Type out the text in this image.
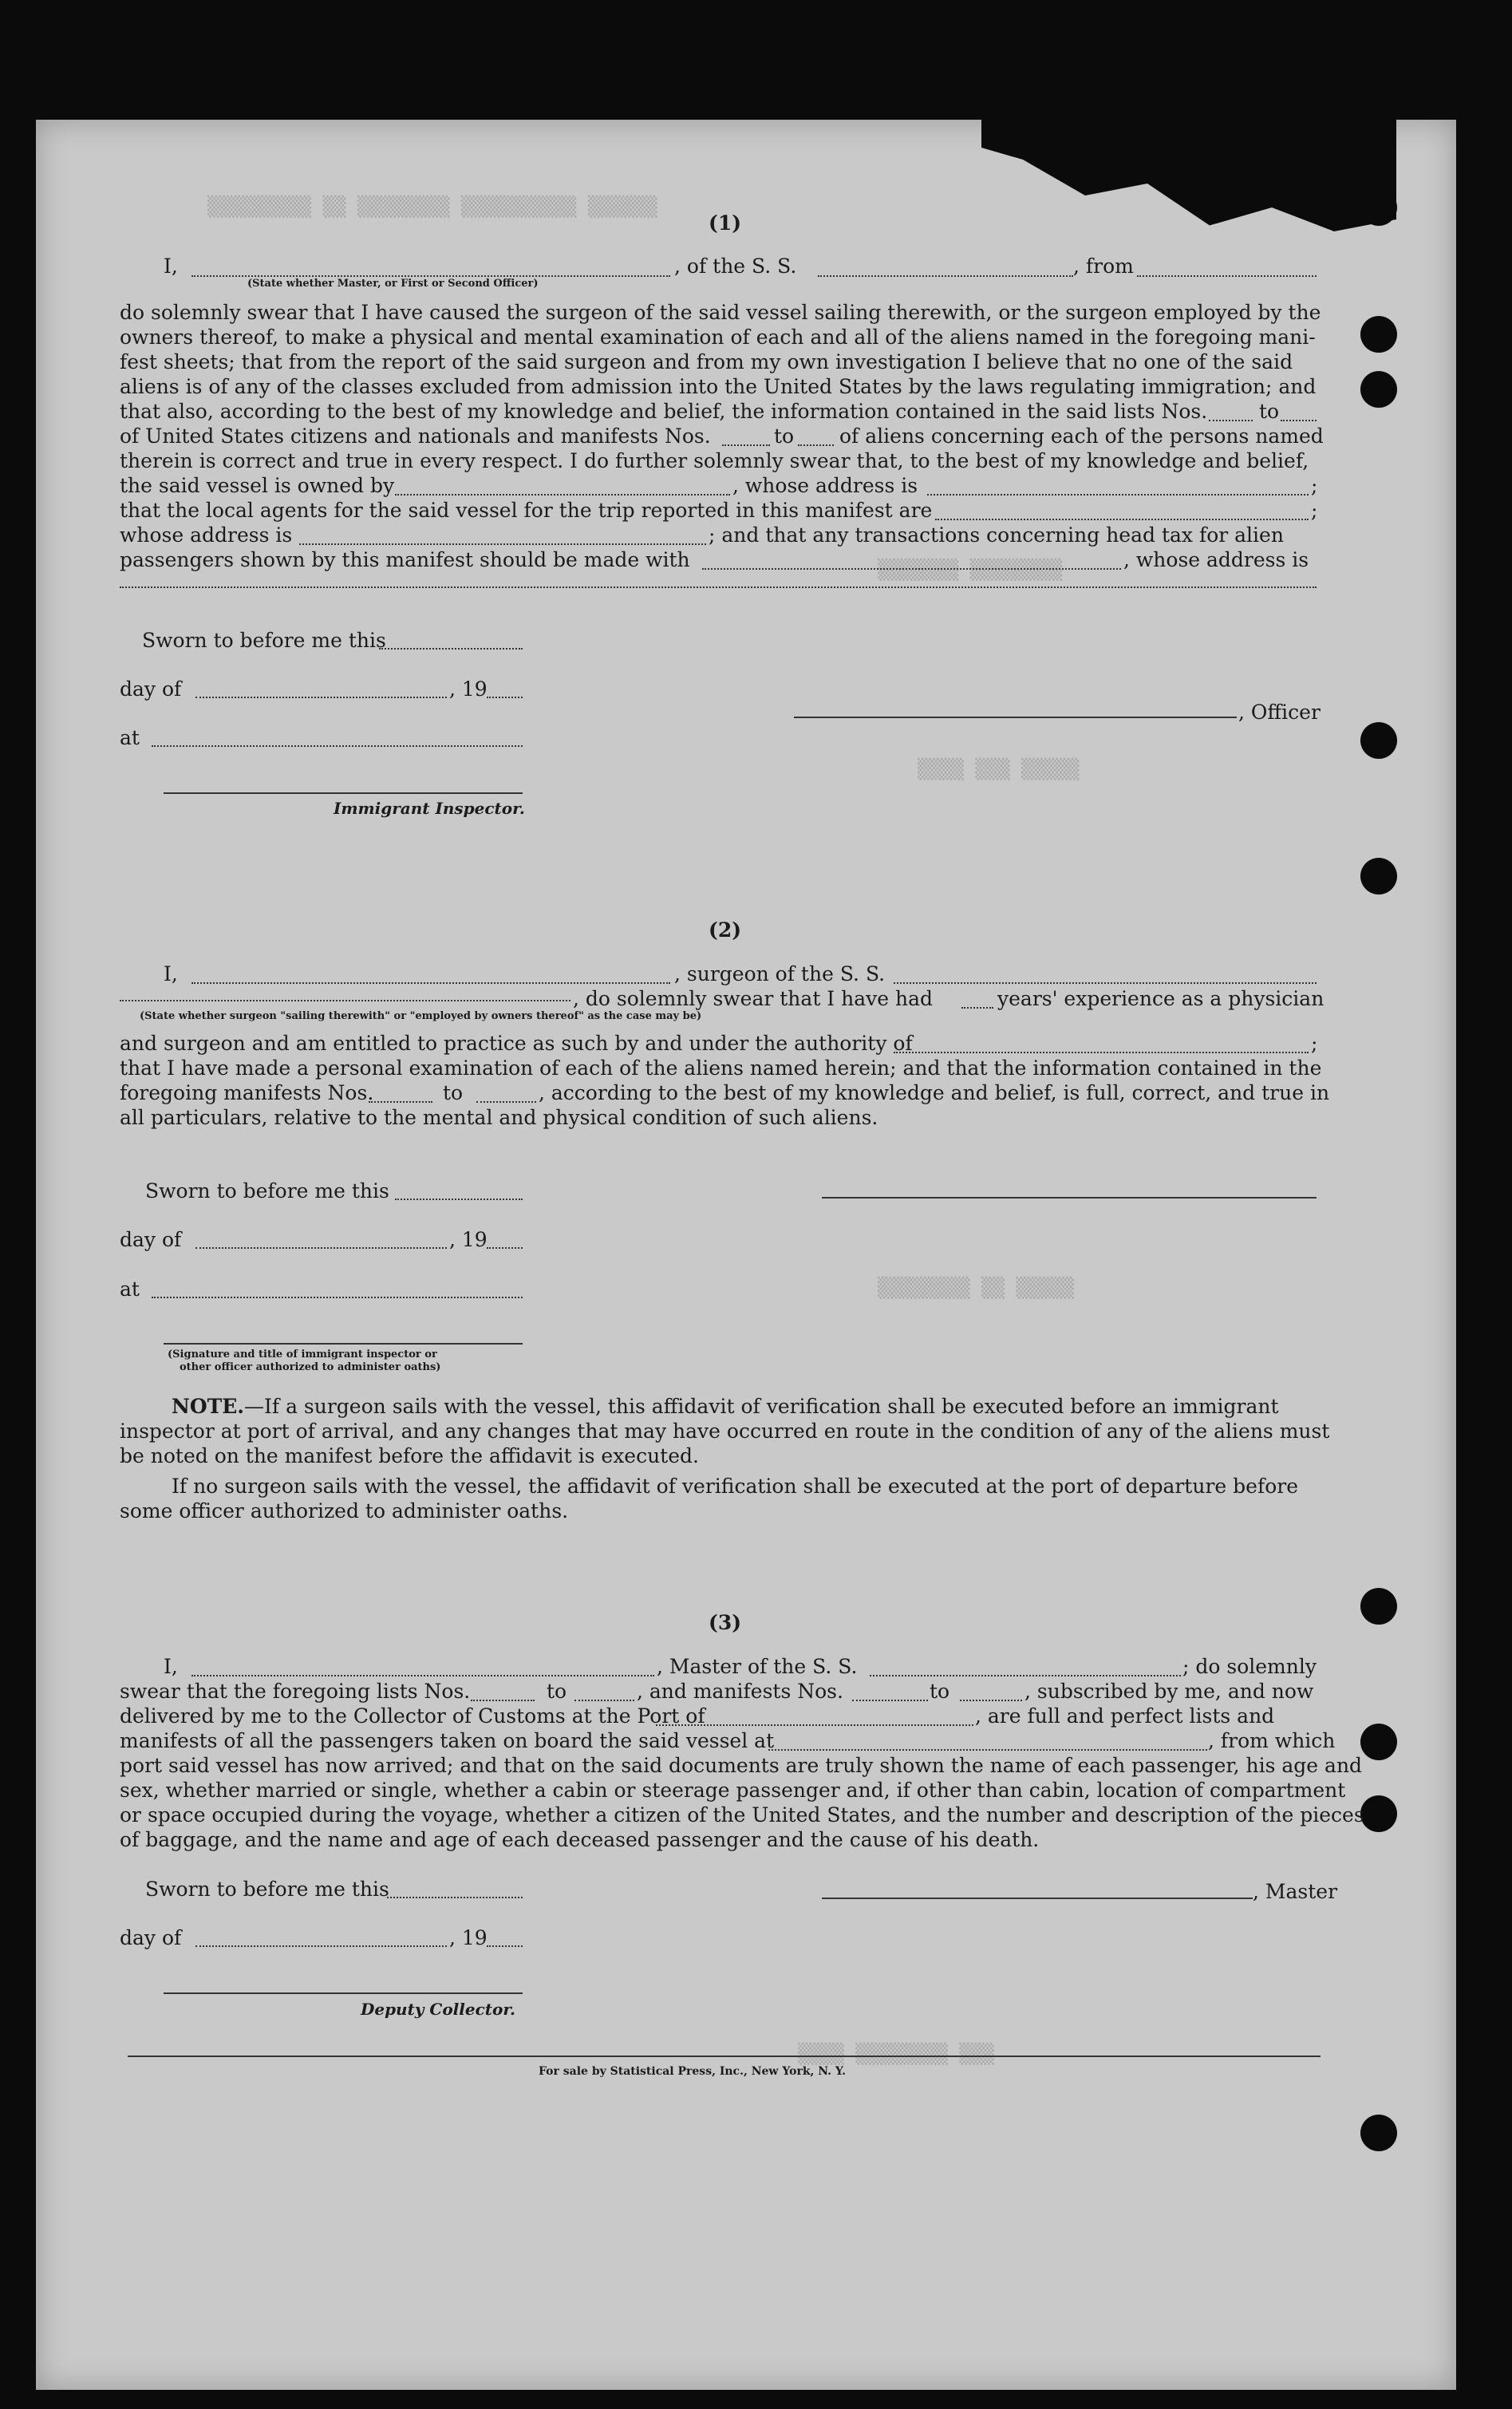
▒▒▒▒▒▒▒▒▒ ▒▒ ▒▒▒▒▒▒▒▒ ▒▒▒▒▒▒▒▒▒▒ ▒▒▒▒▒▒
▒▒▒▒▒▒▒ ▒▒▒▒▒▒▒▒
▒▒▒▒ ▒▒▒ ▒▒▒▒▒
▒▒▒▒▒▒▒▒ ▒▒ ▒▒▒▒▒
▒▒▒▒ ▒▒▒▒▒▒▒▒ ▒▒▒
(1)
I,	, of the S. S.	, from
(State whether Master, or First or Second Officer)
do solemnly swear that I have caused the surgeon of the said vessel sailing therewith, or the surgeon employed by the
owners thereof, to make a physical and mental examination of each and all of the aliens named in the foregoing mani-
fest sheets; that from the report of the said surgeon and from my own investigation I believe that no one of the said
aliens is of any of the classes excluded from admission into the United States by the laws regulating immigration; and
that also, according to the best of my knowledge and belief, the information contained in the said lists Nos.	to
of United States citizens and nationals and manifests Nos.	to of aliens concerning each of the persons named
therein is correct and true in every respect. I do further solemnly swear that, to the best of my knowledge and belief,
the said vessel is owned by	, whose address is	;
that the local agents for the said vessel for the trip reported in this manifest are	;
whose address is	; and that any transactions concerning head tax for alien
passengers shown by this manifest should be made with	, whose address is
Sworn to before me this
day of	, 19
at
Immigrant Inspector.
, Officer
(2)
I,	, surgeon of the S. S.
, do solemnly swear that I have had	years' experience as a physician
(State whether surgeon "sailing therewith" or "employed by owners thereof" as the case may be)
and surgeon and am entitled to practice as such by and under the authority of	;
that I have made a personal examination of each of the aliens named herein; and that the information contained in the
foregoing manifests Nos.	to	, according to the best of my knowledge and belief, is full, correct, and true in
all particulars, relative to the mental and physical condition of such aliens.
Sworn to before me this
day of	, 19
at
(Signature and title of immigrant inspector or
other officer authorized to administer oaths)
NOTE.—If a surgeon sails with the vessel, this affidavit of verification shall be executed before an immigrant
inspector at port of arrival, and any changes that may have occurred en route in the condition of any of the aliens must
be noted on the manifest before the affidavit is executed.
If no surgeon sails with the vessel, the affidavit of verification shall be executed at the port of departure before
some officer authorized to administer oaths.
(3)
I,	, Master of the S. S.	; do solemnly
swear that the foregoing lists Nos.	to	, and manifests Nos.	to	, subscribed by me, and now
delivered by me to the Collector of Customs at the Port of	, are full and perfect lists and
manifests of all the passengers taken on board the said vessel at	, from which
port said vessel has now arrived; and that on the said documents are truly shown the name of each passenger, his age and
sex, whether married or single, whether a cabin or steerage passenger and, if other than cabin, location of compartment
or space occupied during the voyage, whether a citizen of the United States, and the number and description of the pieces
of baggage, and the name and age of each deceased passenger and the cause of his death.
Sworn to before me this	, Master
day of	, 19
Deputy Collector.
For sale by Statistical Press, Inc., New York, N. Y.
